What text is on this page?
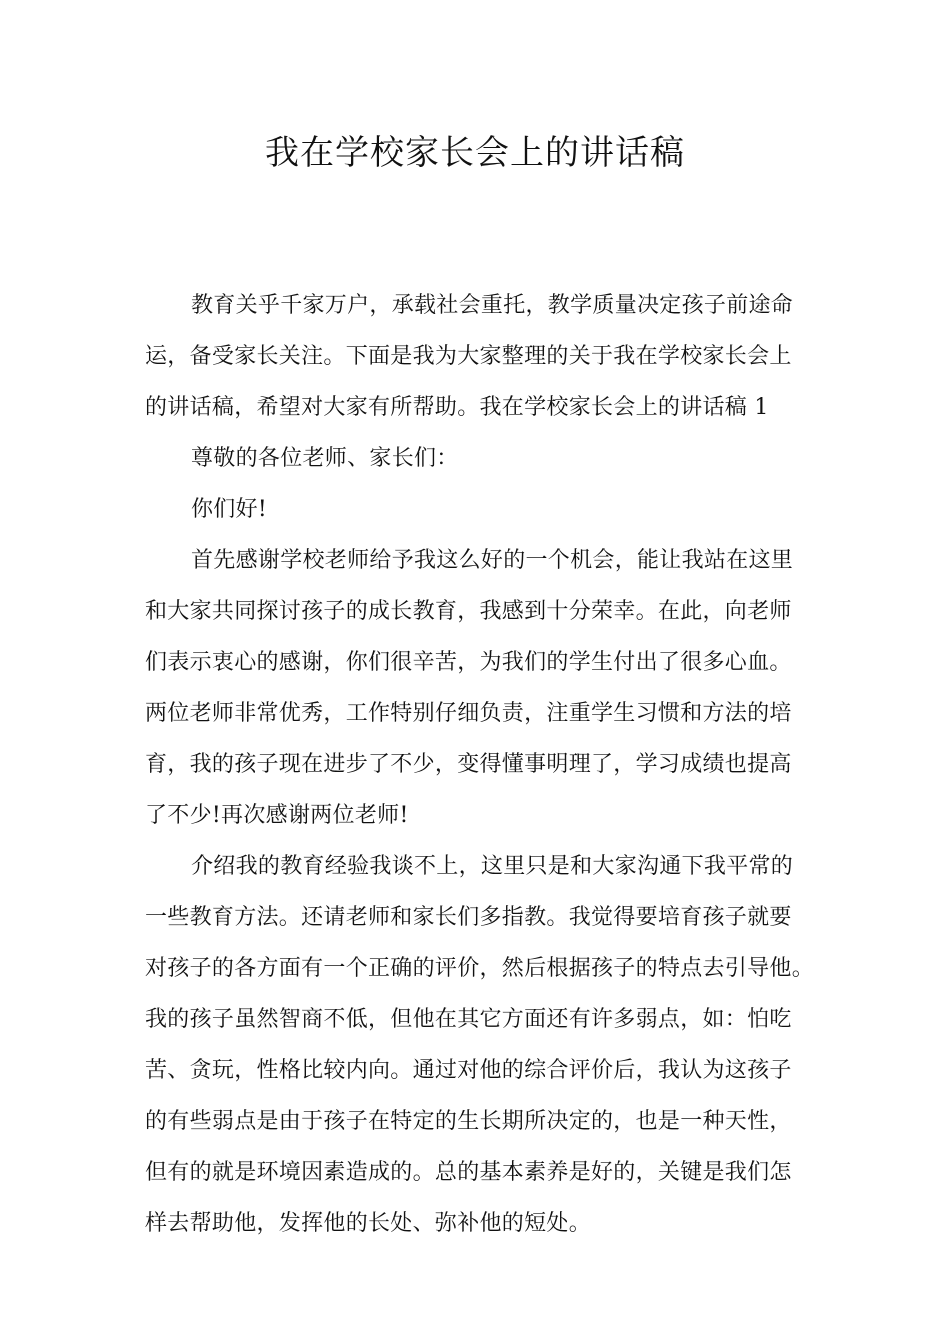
我在学校家长会上的讲话稿
教育关乎千家万户，承载社会重托，教学质量决定孩子前途命
运，备受家长关注。下面是我为大家整理的关于我在学校家长会上
的讲话稿，希望对大家有所帮助。我在学校家长会上的讲话稿 1
尊敬的各位老师、家长们：
你们好!
首先感谢学校老师给予我这么好的一个机会，能让我站在这里
和大家共同探讨孩子的成长教育，我感到十分荣幸。在此，向老师
们表示衷心的感谢，你们很辛苦，为我们的学生付出了很多心血。
两位老师非常优秀，工作特别仔细负责，注重学生习惯和方法的培
育，我的孩子现在进步了不少，变得懂事明理了，学习成绩也提高
了不少!再次感谢两位老师!
介绍我的教育经验我谈不上，这里只是和大家沟通下我平常的
一些教育方法。还请老师和家长们多指教。我觉得要培育孩子就要
对孩子的各方面有一个正确的评价，然后根据孩子的特点去引导他。
我的孩子虽然智商不低，但他在其它方面还有许多弱点，如：怕吃
苦、贪玩，性格比较内向。通过对他的综合评价后，我认为这孩子
的有些弱点是由于孩子在特定的生长期所决定的，也是一种天性，
但有的就是环境因素造成的。总的基本素养是好的，关键是我们怎
样去帮助他，发挥他的长处、弥补他的短处。
